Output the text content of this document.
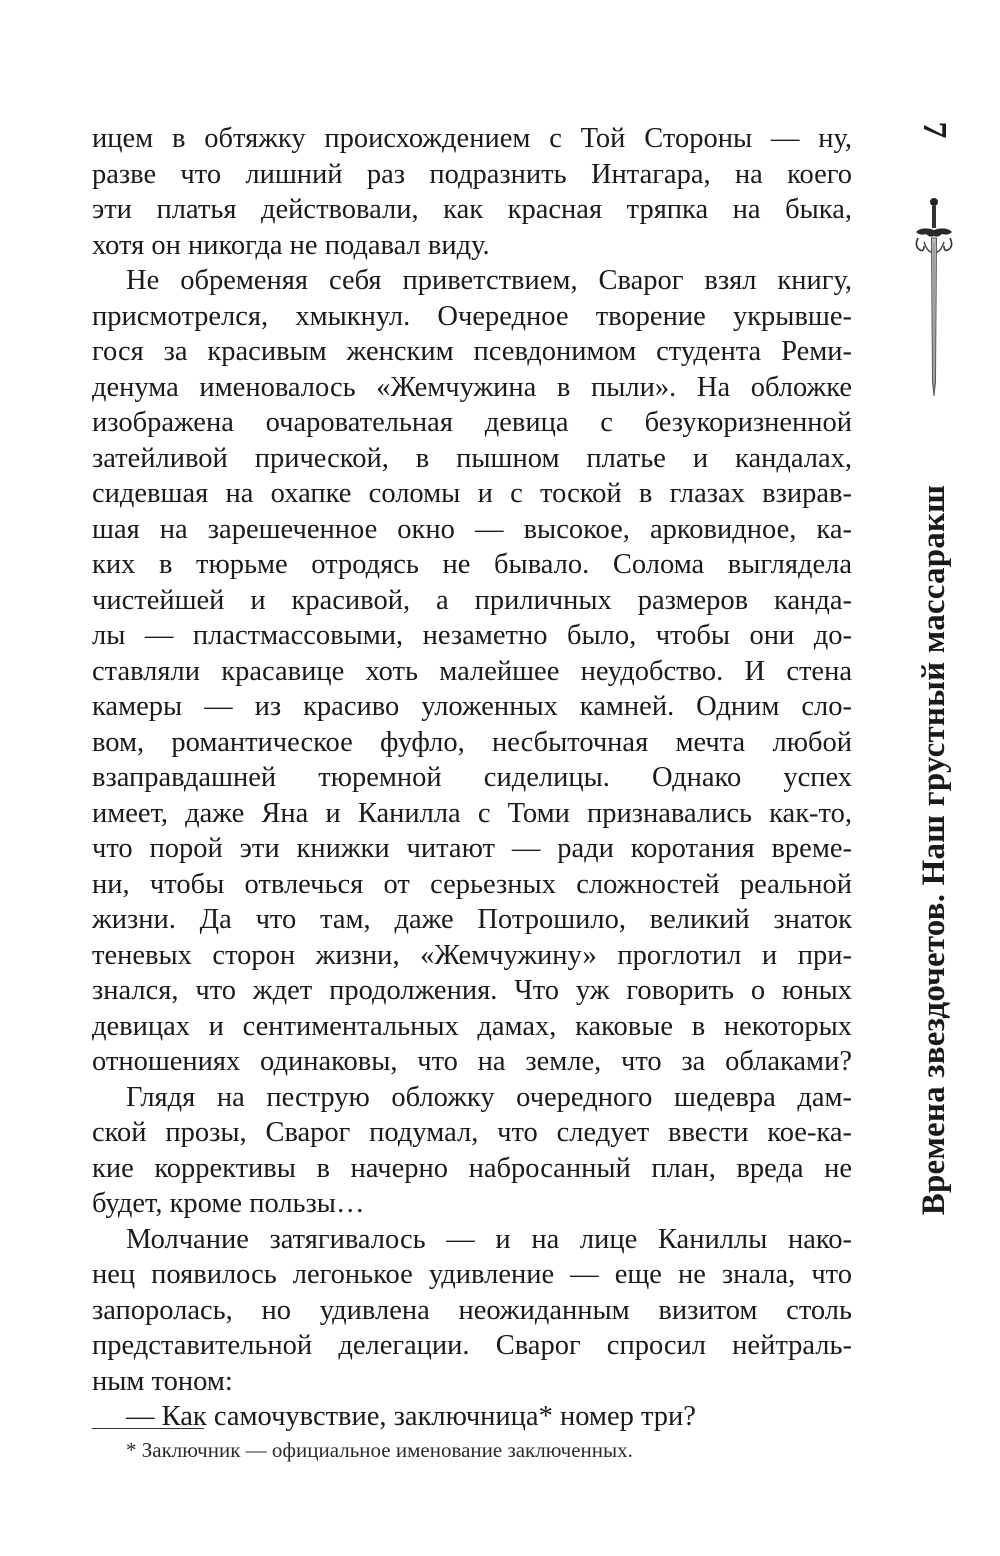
ицем в обтяжку происхождением с Той Стороны — ну,
разве что лишний раз подразнить Интагара, на коего
эти платья действовали, как красная тряпка на быка,
хотя он никогда не подавал виду.

Не обременяя себя приветствием, Сварог взял книгу,
присмотрелся, хмыкнул. Очередное творение укрывше-
гося за красивым женским псевдонимом студента Реми-
денума именовалось «Жемчужина в пыли». На обложке
изображена очаровательная девица с безукоризненной
затейливой прической, в пышном платье и кандалах,
сидевшая на охапке соломы и с тоской в глазах взирав-
шая на зарешеченное окно — высокое, арковидное, ка-
ких в тюрьме отродясь не бывало. Солома выглядела
чистейшей и красивой, а приличных размеров канда-
лы — пластмассовыми, незаметно было, чтобы они до-
ставляли красавице хоть малейшее неудобство. И стена
камеры — из красиво уложенных камней. Одним сло-
вом, романтическое фуфло, несбыточная мечта любой
взаправдашней тюремной сиделицы. Однако успех
имеет, даже Яна и Канилла с Томи признавались как-то,
что порой эти книжки читают — ради коротания време-
ни, чтобы отвлечься от серьезных сложностей реальной
жизни. Да что там, даже Потрошило, великий знаток
теневых сторон жизни, «Жемчужину» проглотил и при-
знался, что ждет продолжения. Что уж говорить о юных
девицах и сентиментальных дамах, каковые в некоторых
отношениях одинаковы, что на земле, что за облаками?

Глядя на пеструю обложку очередного шедевра дам-
ской прозы, Сварог подумал, что следует ввести кое-ка-
кие коррективы в начерно набросанный план, вреда не
будет, кроме пользы…

Молчание затягивалось — и на лице Каниллы нако-
нец появилось легонькое удивление — еще не знала, что
запоролась, но удивлена неожиданным визитом столь
представительной делегации. Сварог спросил нейтраль-
ным тоном:

— Как самочувствие, заключница* номер три?

* Заключник — официальное именование заключенных.
7
Времена звездочетов. Наш грустный массаракш
